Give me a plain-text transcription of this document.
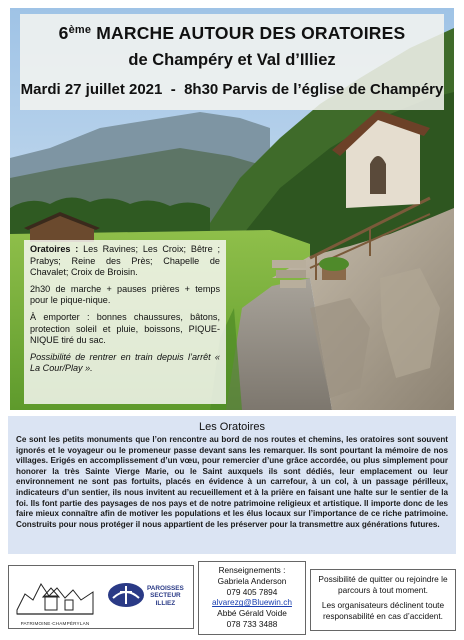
6ème MARCHE AUTOUR DES ORATOIRES
de Champéry et Val d’Illiez
Mardi 27 juillet 2021 - 8h30 Parvis de l’église de Champéry

Oratoires : Les Ravines; Les Croix; Bêtre ; Prabys; Reine des Près; Chapelle de Chavalet; Croix de Broisin.

2h30 de marche + pauses prières + temps pour le pique-nique.

À emporter : bonnes chaussures, bâtons, protection soleil et pluie, boissons, PIQUE-NIQUE tiré du sac.

Possibilité de rentrer en train depuis l’arrêt « La Cour/Play ».

Les Oratoires
Ce sont les petits monuments que l’on rencontre au bord de nos routes et chemins, les oratoires sont souvent ignorés et le voyageur ou le promeneur passe devant sans les remarquer. Ils sont pourtant la mémoire de nos villages. Erigés en accomplissement d’un vœu, pour remercier d’une grâce accordée, ou plus simplement pour honorer la très Sainte Vierge Marie, ou le Saint auxquels ils sont dédiés, leur emplacement ou leur environnement ne sont pas fortuits, placés en évidence à un carrefour, à un col, à un passage périlleux, indicateurs d’un sentier, ils nous invitent au recueillement et à la prière en faisant une halte sur le sentier de la foi. Ils font partie des paysages de nos pays et de notre patrimoine religieux et artistique. Il importe donc de les faire mieux connaître afin de motiver les populations et les élus locaux sur l’importance de ce riche patrimoine. Construits pour nous protéger il nous appartient de les préserver pour la transmettre aux générations futures.
PATRIMOINE·CHAMPÉRYLAN
PAROISSES
SECTEUR
ILLIEZ
Renseignements :
Gabriela Anderson
079 405 7894
alvarezg@Bluewin.ch
Abbé Gérald Voide
078 733 3488

Possibilité de quitter ou rejoindre le parcours à tout moment.

Les organisateurs déclinent toute responsabilité en cas d’accident.
